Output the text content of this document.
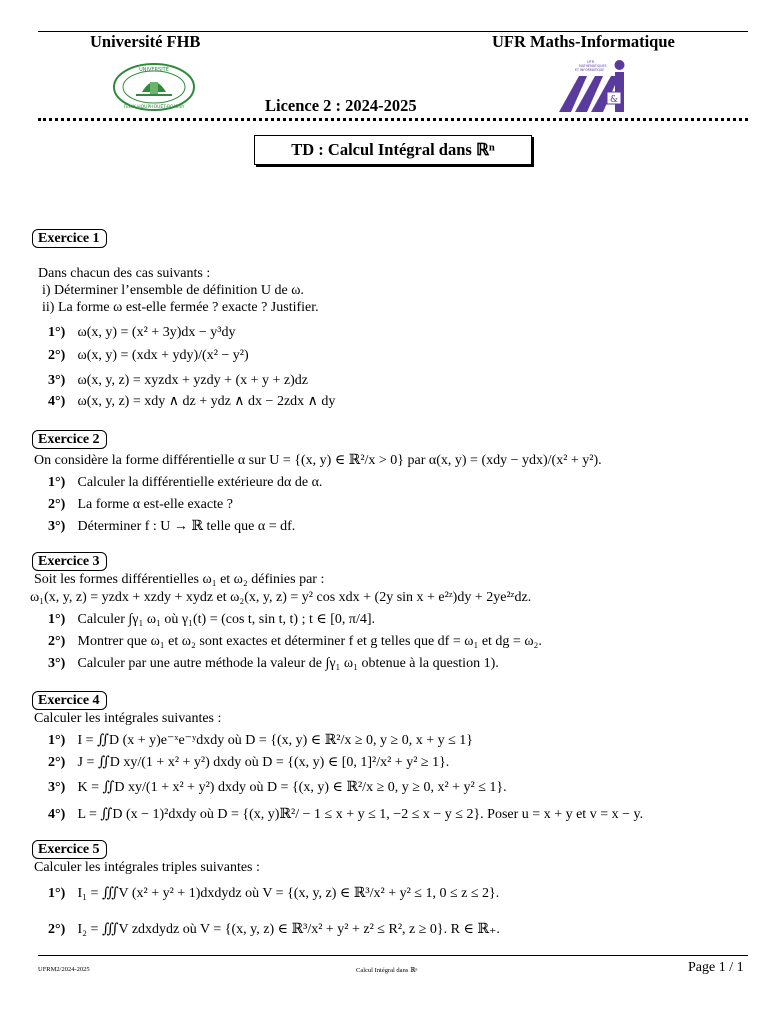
Université FHB	UFR Maths-Informatique
UNIVERSITÉ
FÉLIX HOUPHOUËT-BOIGNY
&
UFR
MATHÉMATIQUES
ET INFORMATIQUE
Licence 2 : 2024-2025
TD : Calcul Intégral dans ℝⁿ
Exercice 1
Dans chacun des cas suivants :
i) Déterminer l’ensemble de définition U de ω.
ii) La forme ω est-elle fermée ? exacte ? Justifier.
1°) ω(x, y) = (x² + 3y)dx − y³dy
2°) ω(x, y) = (xdx + ydy)/(x² − y²)
3°) ω(x, y, z) = xyzdx + yzdy + (x + y + z)dz
4°) ω(x, y, z) = xdy ∧ dz + ydz ∧ dx − 2zdx ∧ dy
Exercice 2
On considère la forme différentielle α sur U = {(x, y) ∈ ℝ²/x > 0} par α(x, y) = (xdy − ydx)/(x² + y²).
1°) Calculer la différentielle extérieure dα de α.
2°) La forme α est-elle exacte ?
3°) Déterminer f : U → ℝ telle que α = df.
Exercice 3
Soit les formes différentielles ω₁ et ω₂ définies par :
ω₁(x, y, z) = yzdx + xzdy + xydz et ω₂(x, y, z) = y² cos xdx + (2y sin x + e²ᶻ)dy + 2ye²ᶻdz.
1°) Calculer ∫γ₁ ω₁ où γ₁(t) = (cos t, sin t, t) ; t ∈ [0, π/4].
2°) Montrer que ω₁ et ω₂ sont exactes et déterminer f et g telles que df = ω₁ et dg = ω₂.
3°) Calculer par une autre méthode la valeur de ∫γ₁ ω₁ obtenue à la question 1).
Exercice 4
Calculer les intégrales suivantes :
1°) I = ∬D (x + y)e⁻ˣe⁻ʸdxdy où D = {(x, y) ∈ ℝ²/x ≥ 0, y ≥ 0, x + y ≤ 1}
2°) J = ∬D xy/(1 + x² + y²) dxdy où D = {(x, y) ∈ [0, 1]²/x² + y² ≥ 1}.
3°) K = ∬D xy/(1 + x² + y²) dxdy où D = {(x, y) ∈ ℝ²/x ≥ 0, y ≥ 0, x² + y² ≤ 1}.
4°) L = ∬D (x − 1)²dxdy où D = {(x, y)ℝ²/ − 1 ≤ x + y ≤ 1, −2 ≤ x − y ≤ 2}. Poser u = x + y et v = x − y.
Exercice 5
Calculer les intégrales triples suivantes :
1°) I₁ = ∭V (x² + y² + 1)dxdydz où V = {(x, y, z) ∈ ℝ³/x² + y² ≤ 1, 0 ≤ z ≤ 2}.
2°) I₂ = ∭V zdxdydz où V = {(x, y, z) ∈ ℝ³/x² + y² + z² ≤ R², z ≥ 0}. R ∈ ℝ₊.
UFRM2/2024-2025	Calcul Intégral dans ℝⁿ	Page 1 / 1
